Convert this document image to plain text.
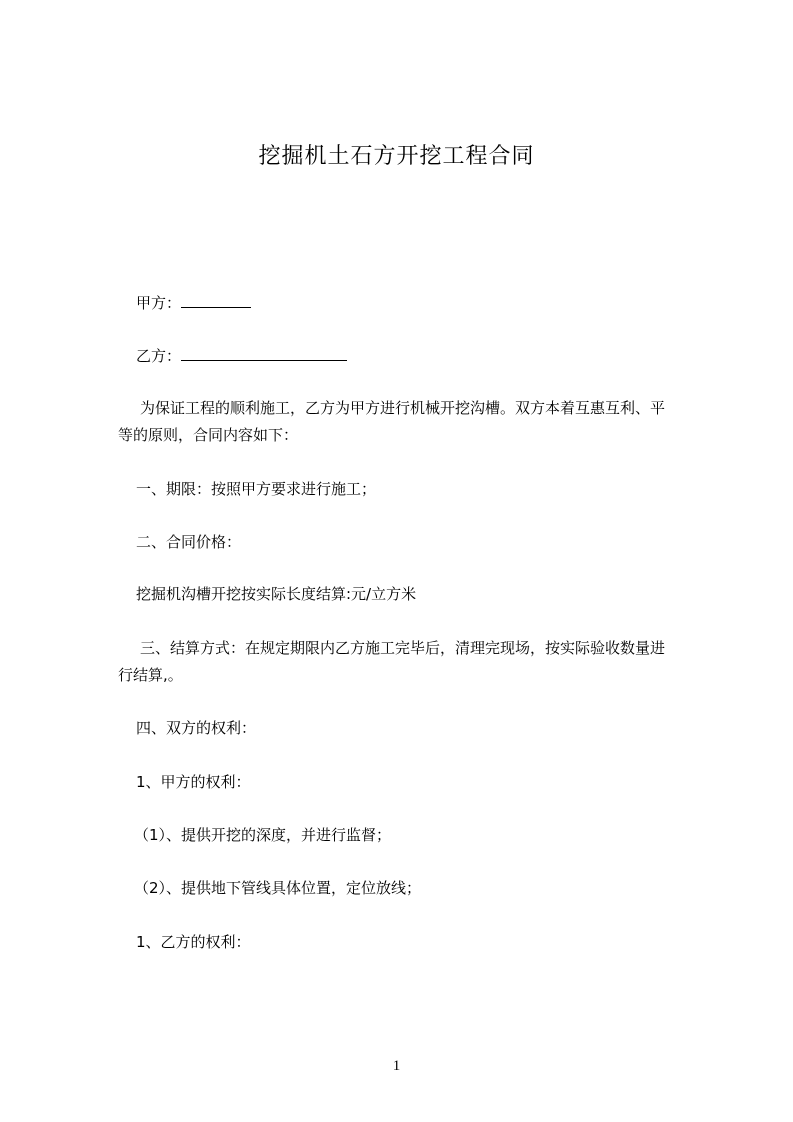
挖掘机土石方开挖工程合同
甲方：
乙方：
为保证工程的顺利施工，乙方为甲方进行机械开挖沟槽。双方本着互惠互利、平
等的原则，合同内容如下：
一、期限：按照甲方要求进行施工；
二、合同价格：
挖掘机沟槽开挖按实际长度结算:元/立方米
三、结算方式：在规定期限内乙方施工完毕后，清理完现场，按实际验收数量进
行结算,。
四、双方的权利：
1、甲方的权利：
（1）、提供开挖的深度，并进行监督；
（2）、提供地下管线具体位置，定位放线；
1、乙方的权利：
1
